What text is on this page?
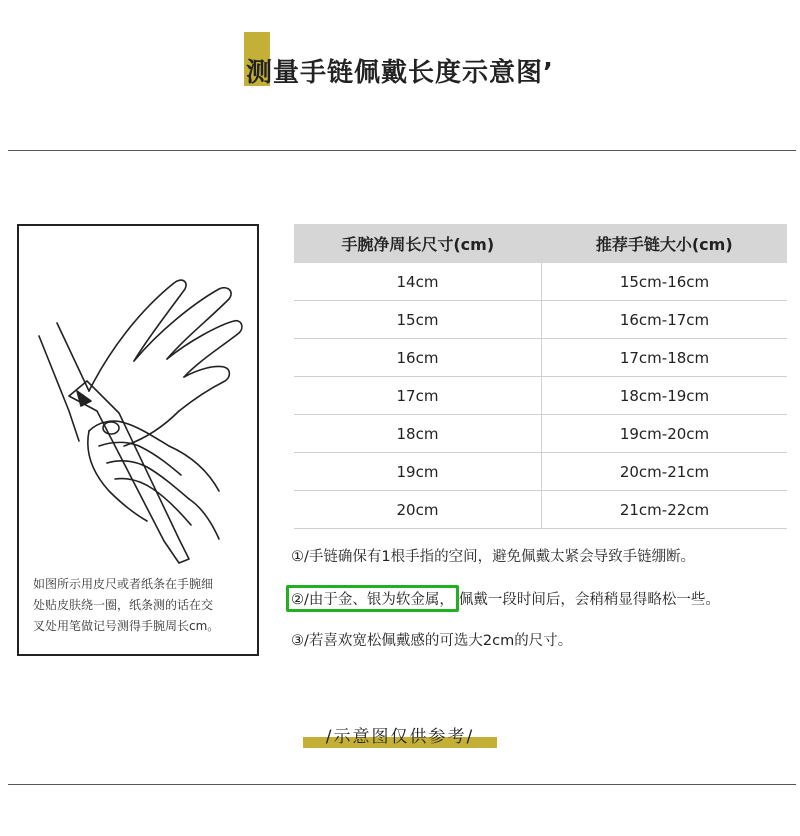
测量手链佩戴长度示意图’
如图所示用皮尺或者纸条在手腕细
处贴皮肤绕一圈，纸条测的话在交
叉处用笔做记号测得手腕周长cm。
手腕净周长尺寸(cm)	推荐手链大小(cm)
14cm	15cm-16cm
15cm	16cm-17cm
16cm	17cm-18cm
17cm	18cm-19cm
18cm	19cm-20cm
19cm	20cm-21cm
20cm	21cm-22cm
①/手链确保有1根手指的空间，避免佩戴太紧会导致手链绷断。
②/由于金、银为软金属， 佩戴一段时间后，会稍稍显得略松一些。
③/若喜欢宽松佩戴感的可选大2cm的尺寸。
/示意图仅供参考/
